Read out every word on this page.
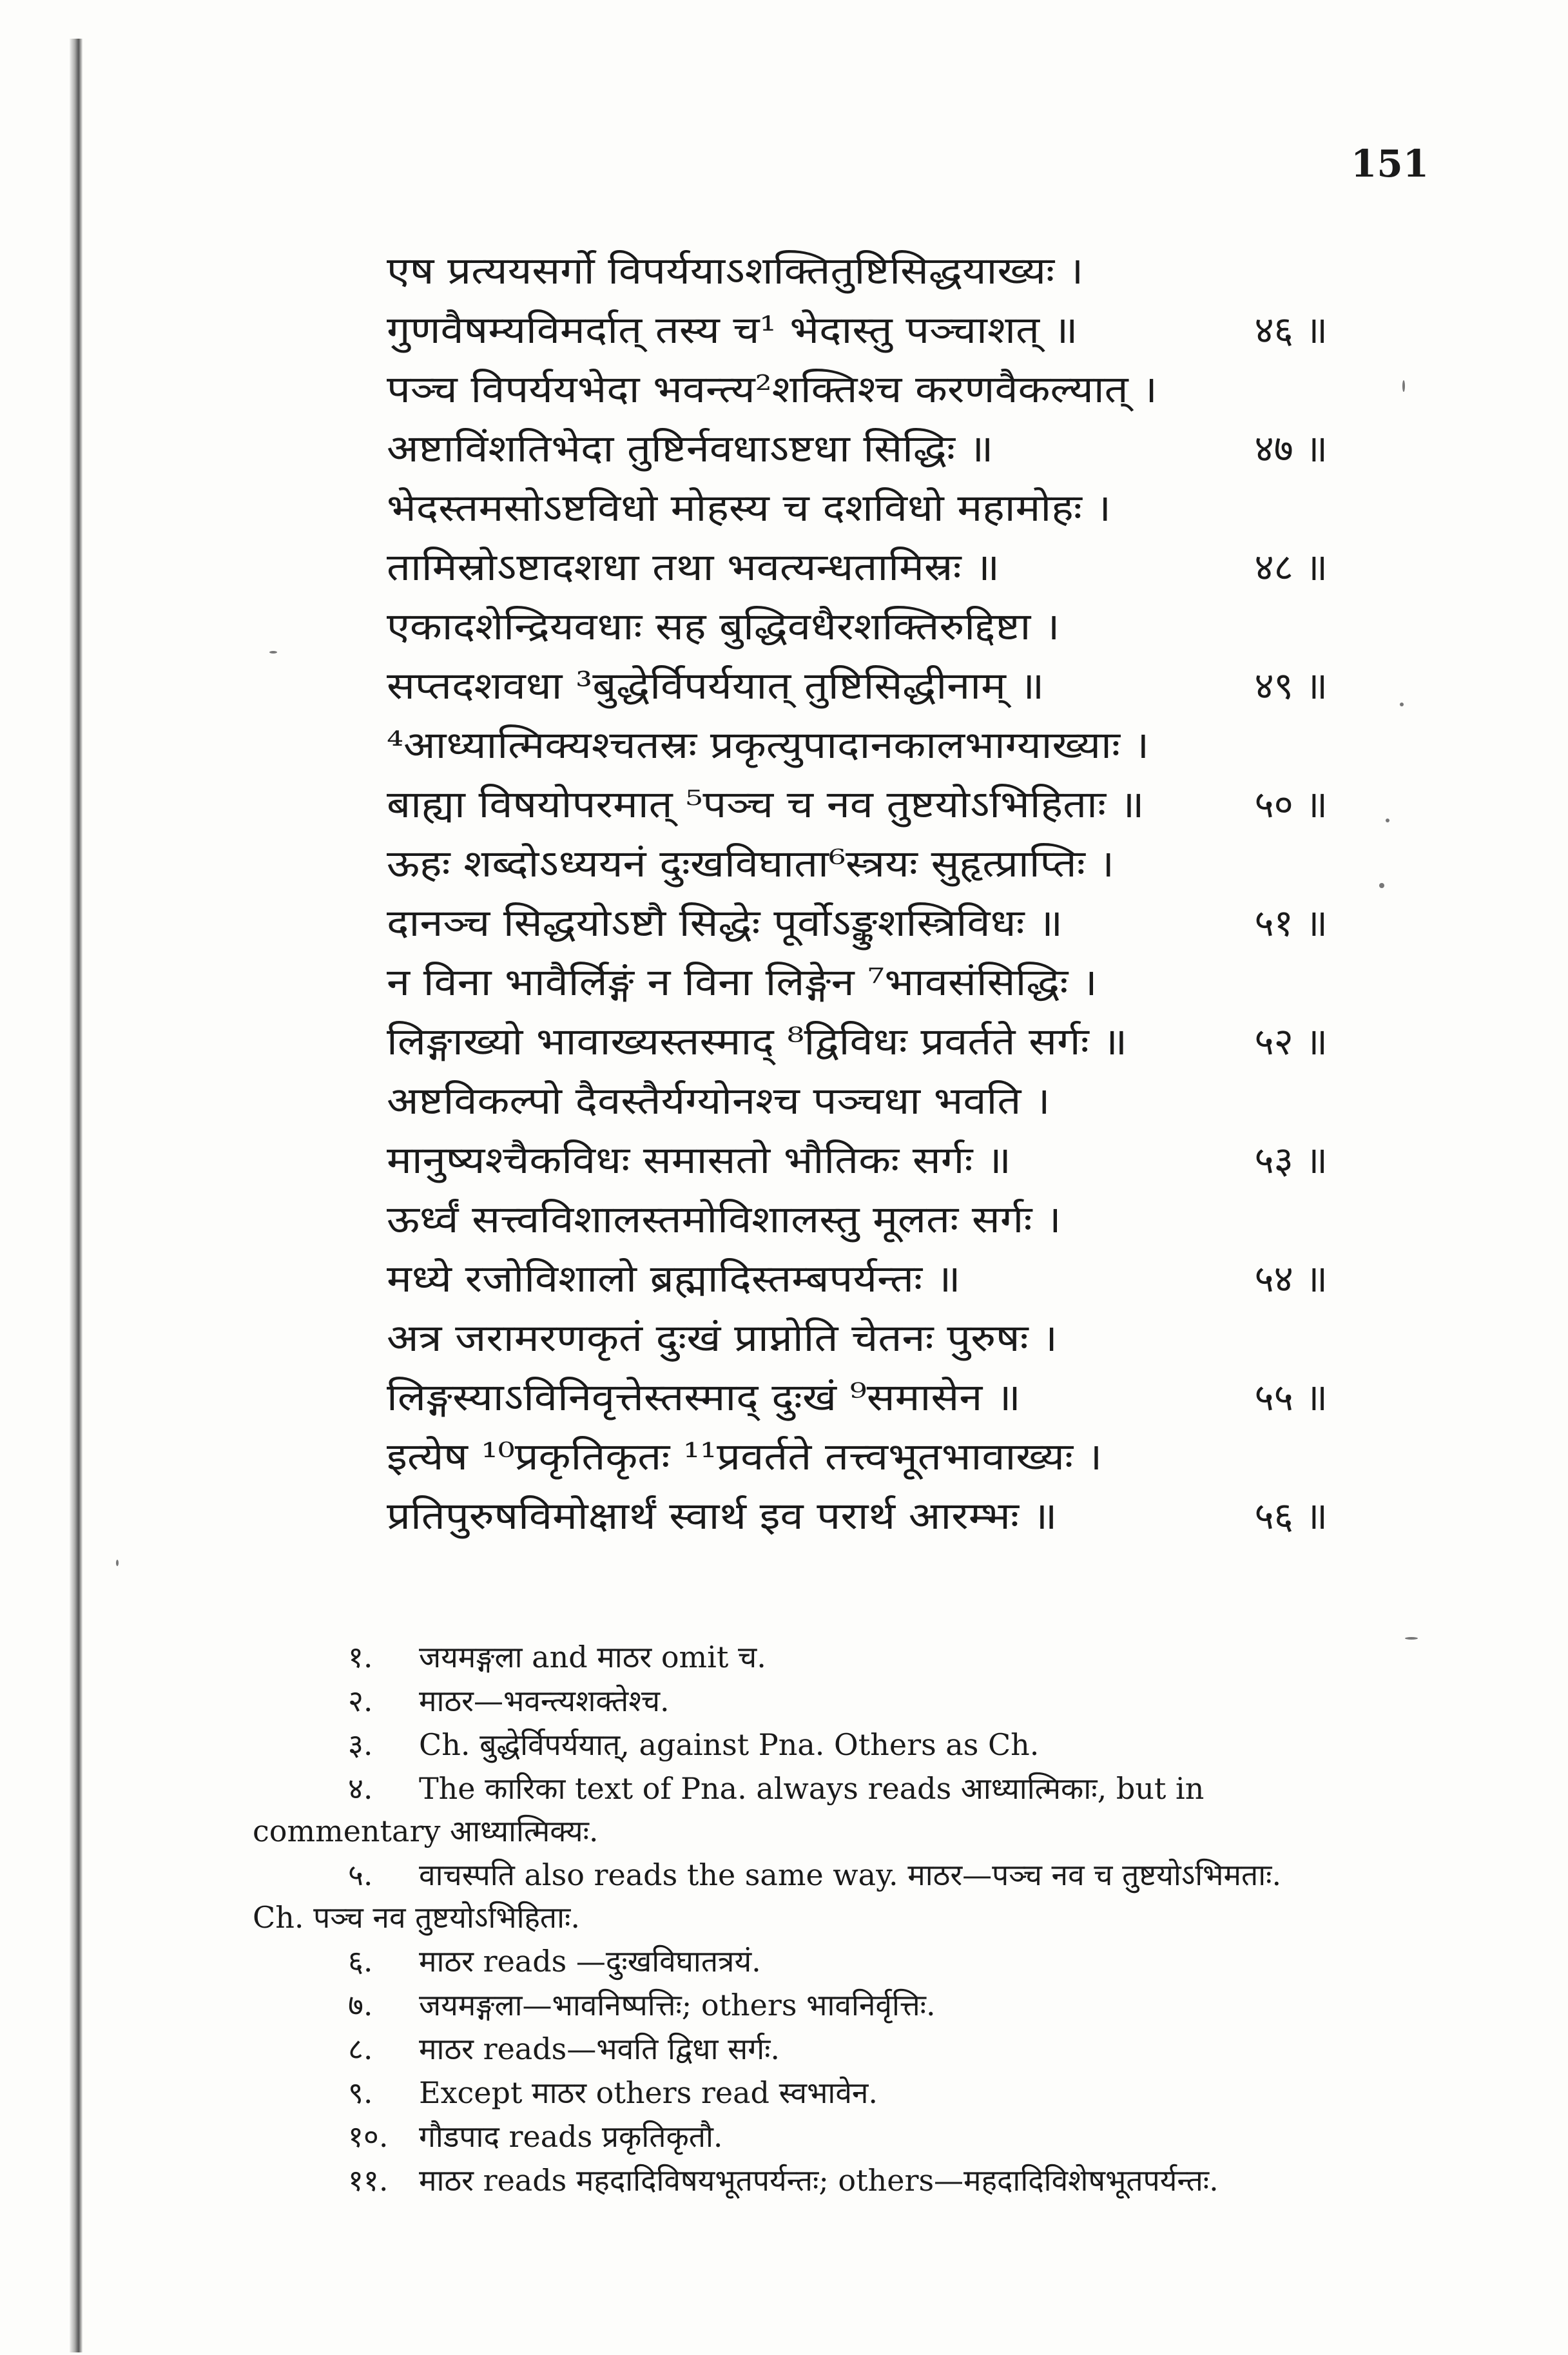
151
एष प्रत्ययसर्गो विपर्ययाऽशक्तितुष्टिसिद्धयाख्यः ।
गुणवैषम्यविमर्दात् तस्य च¹ भेदास्तु पञ्चाशत् ॥	४६ ॥
पञ्च विपर्ययभेदा भवन्त्य²शक्तिश्च करणवैकल्यात् ।
अष्टाविंशतिभेदा तुष्टिर्नवधाऽष्टधा सिद्धिः ॥	४७ ॥
भेदस्तमसोऽष्टविधो मोहस्य च दशविधो महामोहः ।
तामिस्रोऽष्टादशधा तथा भवत्यन्धतामिस्रः ॥	४८ ॥
एकादशेन्द्रियवधाः सह बुद्धिवधैरशक्तिरुद्दिष्टा ।
सप्तदशवधा ³बुद्धेर्विपर्ययात् तुष्टिसिद्धीनाम् ॥	४९ ॥
⁴आध्यात्मिक्यश्चतस्रः प्रकृत्युपादानकालभाग्याख्याः ।
बाह्या विषयोपरमात् ⁵पञ्च च नव तुष्टयोऽभिहिताः ॥	५० ॥
ऊहः शब्दोऽध्ययनं दुःखविघाता⁶स्त्रयः सुहृत्प्राप्तिः ।
दानञ्च सिद्धयोऽष्टौ सिद्धेः पूर्वोऽङ्कुशस्त्रिविधः ॥	५१ ॥
न विना भावैर्लिङ्गं न विना लिङ्गेन ⁷भावसंसिद्धिः ।
लिङ्गाख्यो भावाख्यस्तस्माद् ⁸द्विविधः प्रवर्तते सर्गः ॥	५२ ॥
अष्टविकल्पो दैवस्तैर्यग्योनश्च पञ्चधा भवति ।
मानुष्यश्चैकविधः समासतो भौतिकः सर्गः ॥	५३ ॥
ऊर्ध्वं सत्त्वविशालस्तमोविशालस्तु मूलतः सर्गः ।
मध्ये रजोविशालो ब्रह्मादिस्तम्बपर्यन्तः ॥	५४ ॥
अत्र जरामरणकृतं दुःखं प्राप्नोति चेतनः पुरुषः ।
लिङ्गस्याऽविनिवृत्तेस्तस्माद् दुःखं ⁹समासेन ॥	५५ ॥
इत्येष ¹⁰प्रकृतिकृतः ¹¹प्रवर्तते तत्त्वभूतभावाख्यः ।
प्रतिपुरुषविमोक्षार्थं स्वार्थ इव परार्थ आरम्भः ॥	५६ ॥
१. जयमङ्गला and माठर omit च.
२. माठर—भवन्त्यशक्तेश्च.
३. Ch. बुद्धेर्विपर्ययात्, against Pna. Others as Ch.
४. The कारिका text of Pna. always reads आध्यात्मिकाः, but in
commentary आध्यात्मिक्यः.
५. वाचस्पति also reads the same way. माठर—पञ्च नव च तुष्टयोऽभिमताः.
Ch. पञ्च नव तुष्टयोऽभिहिताः.
६. माठर reads —दुःखविघातत्रयं.
७. जयमङ्गला—भावनिष्पत्तिः; others भावनिर्वृत्तिः.
८. माठर reads—भवति द्विधा सर्गः.
९. Except माठर others read स्वभावेन.
१०. गौडपाद reads प्रकृतिकृतौ.
११. माठर reads महदादिविषयभूतपर्यन्तः; others—महदादिविशेषभूतपर्यन्तः.
